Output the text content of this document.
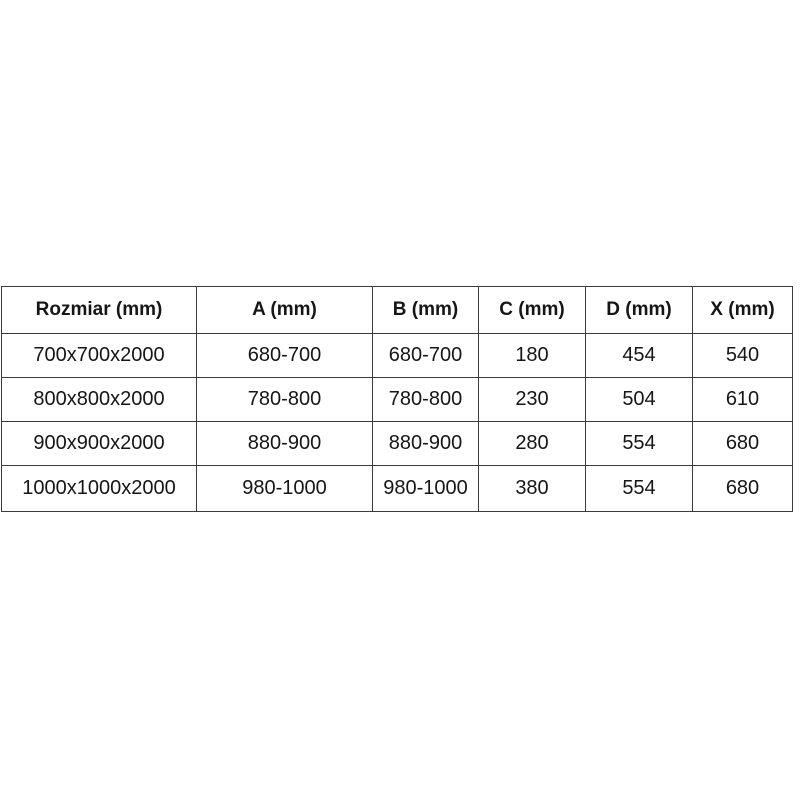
Rozmiar (mm)	A (mm)	B (mm)	C (mm)	D (mm)	X (mm)
700x700x2000	680-700	680-700	180	454	540
800x800x2000	780-800	780-800	230	504	610
900x900x2000	880-900	880-900	280	554	680
1000x1000x2000	980-1000	980-1000	380	554	680
